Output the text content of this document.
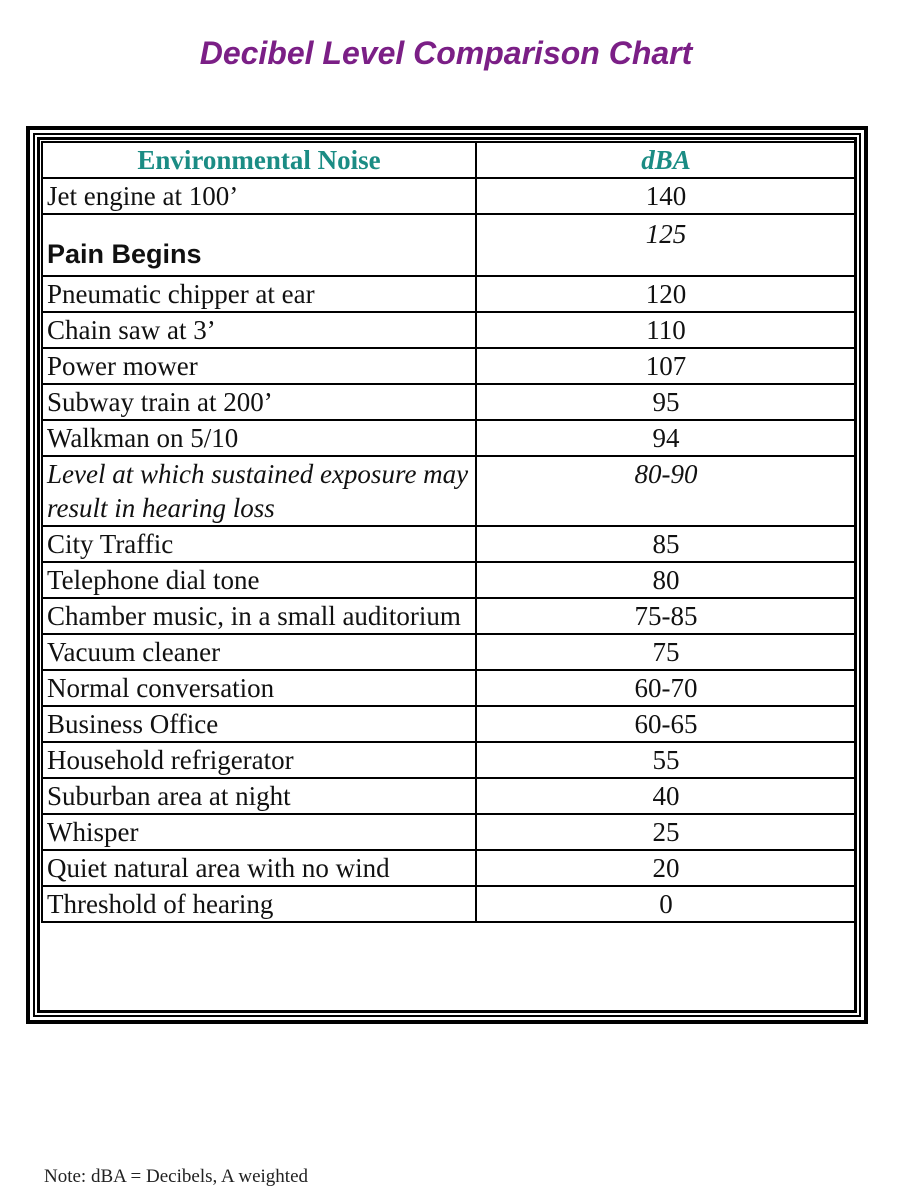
Decibel Level Comparison Chart
Environmental Noise	dBA
Jet engine at 100’	140
Pain Begins	125
Pneumatic chipper at ear	120
Chain saw at 3’	110
Power mower	107
Subway train at 200’	95
Walkman on 5/10	94
Level at which sustained exposure may result in hearing loss	80-90
City Traffic	85
Telephone dial tone	80
Chamber music, in a small auditorium	75-85
Vacuum cleaner	75
Normal conversation	60-70
Business Office	60-65
Household refrigerator	55
Suburban area at night	40
Whisper	25
Quiet natural area with no wind	20
Threshold of hearing	0
Note: dBA = Decibels, A weighted
